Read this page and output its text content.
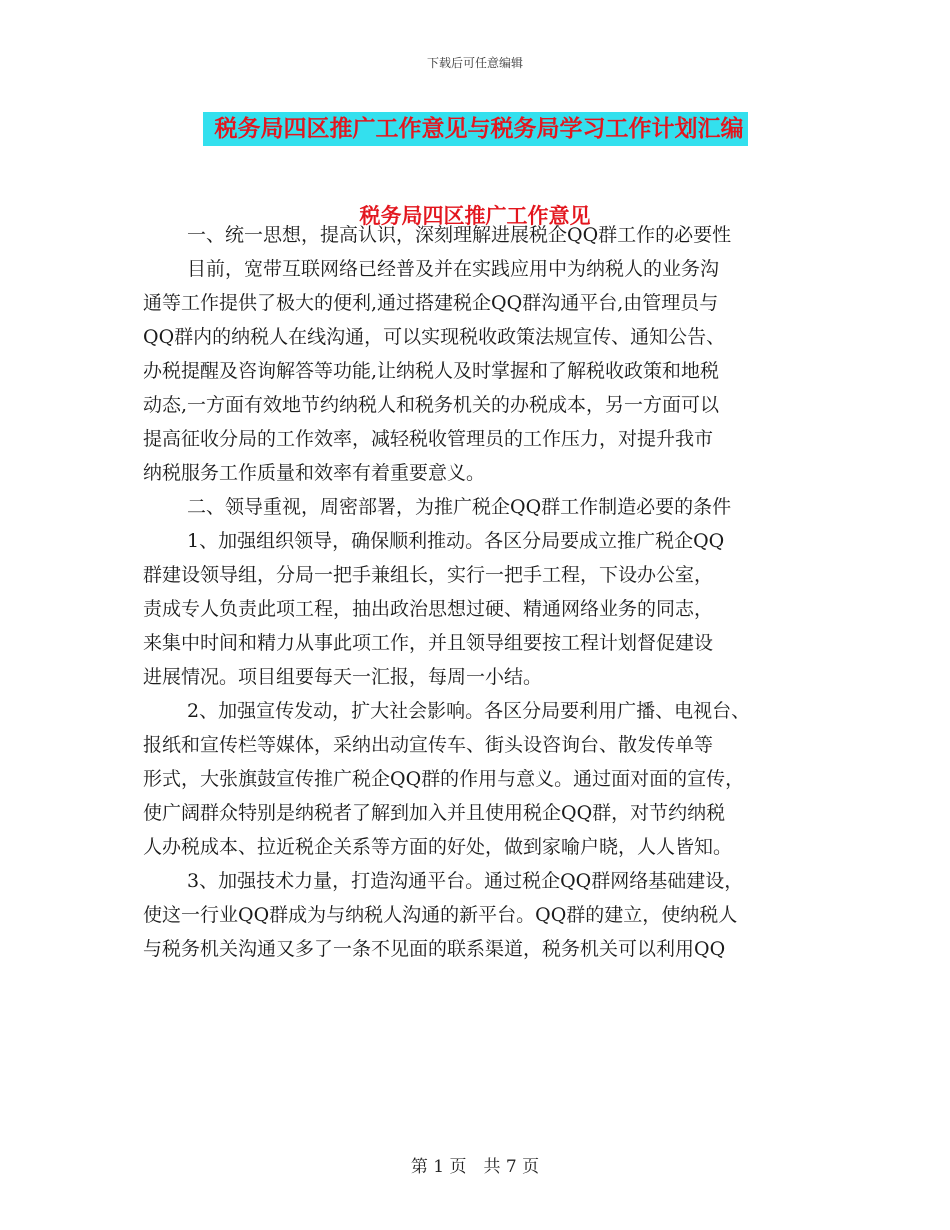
下载后可任意编辑
税务局四区推广工作意见与税务局学习工作计划汇编
税务局四区推广工作意见
一、统一思想，提高认识，深刻理解进展税企QQ群工作的必要性
目前，宽带互联网络已经普及并在实践应用中为纳税人的业务沟
通等工作提供了极大的便利,通过搭建税企QQ群沟通平台,由管理员与
QQ群内的纳税人在线沟通，可以实现税收政策法规宣传、通知公告、
办税提醒及咨询解答等功能,让纳税人及时掌握和了解税收政策和地税
动态,一方面有效地节约纳税人和税务机关的办税成本，另一方面可以
提高征收分局的工作效率，减轻税收管理员的工作压力，对提升我市
纳税服务工作质量和效率有着重要意义。
二、领导重视，周密部署，为推广税企QQ群工作制造必要的条件
1、加强组织领导，确保顺利推动。各区分局要成立推广税企QQ
群建设领导组，分局一把手兼组长，实行一把手工程，下设办公室，
责成专人负责此项工程，抽出政治思想过硬、精通网络业务的同志，
来集中时间和精力从事此项工作，并且领导组要按工程计划督促建设
进展情况。项目组要每天一汇报，每周一小结。
2、加强宣传发动，扩大社会影响。各区分局要利用广播、电视台、
报纸和宣传栏等媒体，采纳出动宣传车、街头设咨询台、散发传单等
形式，大张旗鼓宣传推广税企QQ群的作用与意义。通过面对面的宣传，
使广阔群众特别是纳税者了解到加入并且使用税企QQ群，对节约纳税
人办税成本、拉近税企关系等方面的好处，做到家喻户晓，人人皆知。
3、加强技术力量，打造沟通平台。通过税企QQ群网络基础建设，
使这一行业QQ群成为与纳税人沟通的新平台。QQ群的建立，使纳税人
与税务机关沟通又多了一条不见面的联系渠道，税务机关可以利用QQ
第 1 页　共 7 页
